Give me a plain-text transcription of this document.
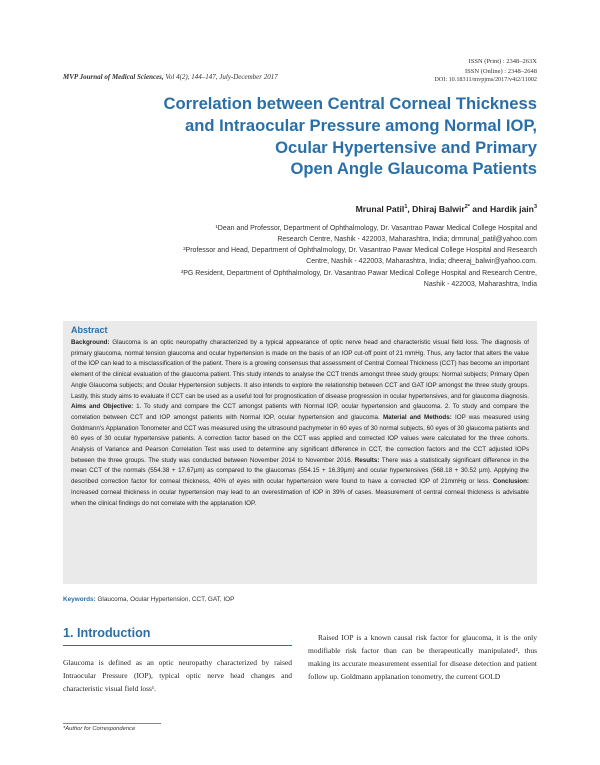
ISSN (Print) : 2348–263X
ISSN (Online) : 2348–2648
MVP Journal of Medical Sciences, Vol 4(2), 144–147, July-December 2017	DOI: 10.18311/mvpjms/2017/v4i2/11002
Correlation between Central Corneal Thickness
and Intraocular Pressure among Normal IOP,
Ocular Hypertensive and Primary
Open Angle Glaucoma Patients
Mrunal Patil$^1$, Dhiraj Balwir$^{2*}$ and Hardik jain$^3$
¹Dean and Professor, Department of Ophthalmology, Dr. Vasantrao Pawar Medical College Hospital and
Research Centre, Nashik - 422003, Maharashtra, India; drmrunal_patil@yahoo.com
²Professor and Head, Department of Ophthalmology, Dr. Vasantrao Pawar Medical College Hospital and Research
Centre, Nashik - 422003, Maharashtra, India; dheeraj_balwir@yahoo.com.
³PG Resident, Department of Ophthalmology, Dr. Vasantrao Pawar Medical College Hospital and Research Centre,
Nashik - 422003, Maharashtra, India
Abstract
Background: Glaucoma is an optic neuropathy characterized by a typical appearance of optic nerve head and characteristic visual field loss. The diagnosis of primary glaucoma, normal tension glaucoma and ocular hypertension is made on the basis of an IOP cut-off point of 21 mmHg. Thus, any factor that alters the value of the IOP can lead to a misclassification of the patient. There is a growing consensus that assessment of Central Corneal Thickness (CCT) has become an important element of the clinical evaluation of the glaucoma patient. This study intends to analyse the CCT trends amongst three study groups: Normal subjects; Primary Open Angle Glaucoma subjects; and Ocular Hypertension subjects. It also intends to explore the relationship between CCT and GAT IOP amongst the three study groups. Lastly, this study aims to evaluate if CCT can be used as a useful tool for prognostication of disease progression in ocular hypertensives, and for glaucoma diagnosis. Aims and Objective: 1. To study and compare the CCT amongst patients with Normal IOP, ocular hypertension and glaucoma. 2. To study and compare the correlation between CCT and IOP amongst patients with Normal IOP, ocular hypertension and glaucoma. Material and Methods: IOP was measured using Goldmann's Applanation Tonometer and CCT was measured using the ultrasound pachymeter in 60 eyes of 30 normal subjects, 60 eyes of 30 glaucoma patients and 60 eyes of 30 ocular hypertensive patients. A correction factor based on the CCT was applied and corrected IOP values were calculated for the three cohorts. Analysis of Variance and Pearson Correlation Test was used to determine any significant difference in CCT, the correction factors and the CCT adjusted IOPs between the three groups. The study was conducted between November 2014 to November 2016. Results: There was a statistically significant difference in the mean CCT of the normals (554.38 + 17.67µm) as compared to the glaucomas (554.15 + 16.39µm) and ocular hypertensives (568.18 + 30.52 µm). Applying the described correction factor for corneal thickness, 40% of eyes with ocular hypertension were found to have a corrected IOP of 21mmHg or less. Conclusion: Increased corneal thickness in ocular hypertension may lead to an overestimation of IOP in 39% of cases. Measurement of central corneal thickness is advisable when the clinical findings do not correlate with the applanation IOP.
Keywords: Glaucoma, Ocular Hypertension, CCT, GAT, IOP
1. Introduction
Glaucoma is defined as an optic neuropathy characterized by raised Intraocular Pressure (IOP), typical optic nerve head changes and characteristic visual field loss¹.
Raised IOP is a known causal risk factor for glaucoma, it is the only modifiable risk factor than can be therapeutically manipulated², thus making its accurate measurement essential for disease detection and patient follow up. Goldmann applanation tonometry, the current GOLD
*Author for Correspondence
